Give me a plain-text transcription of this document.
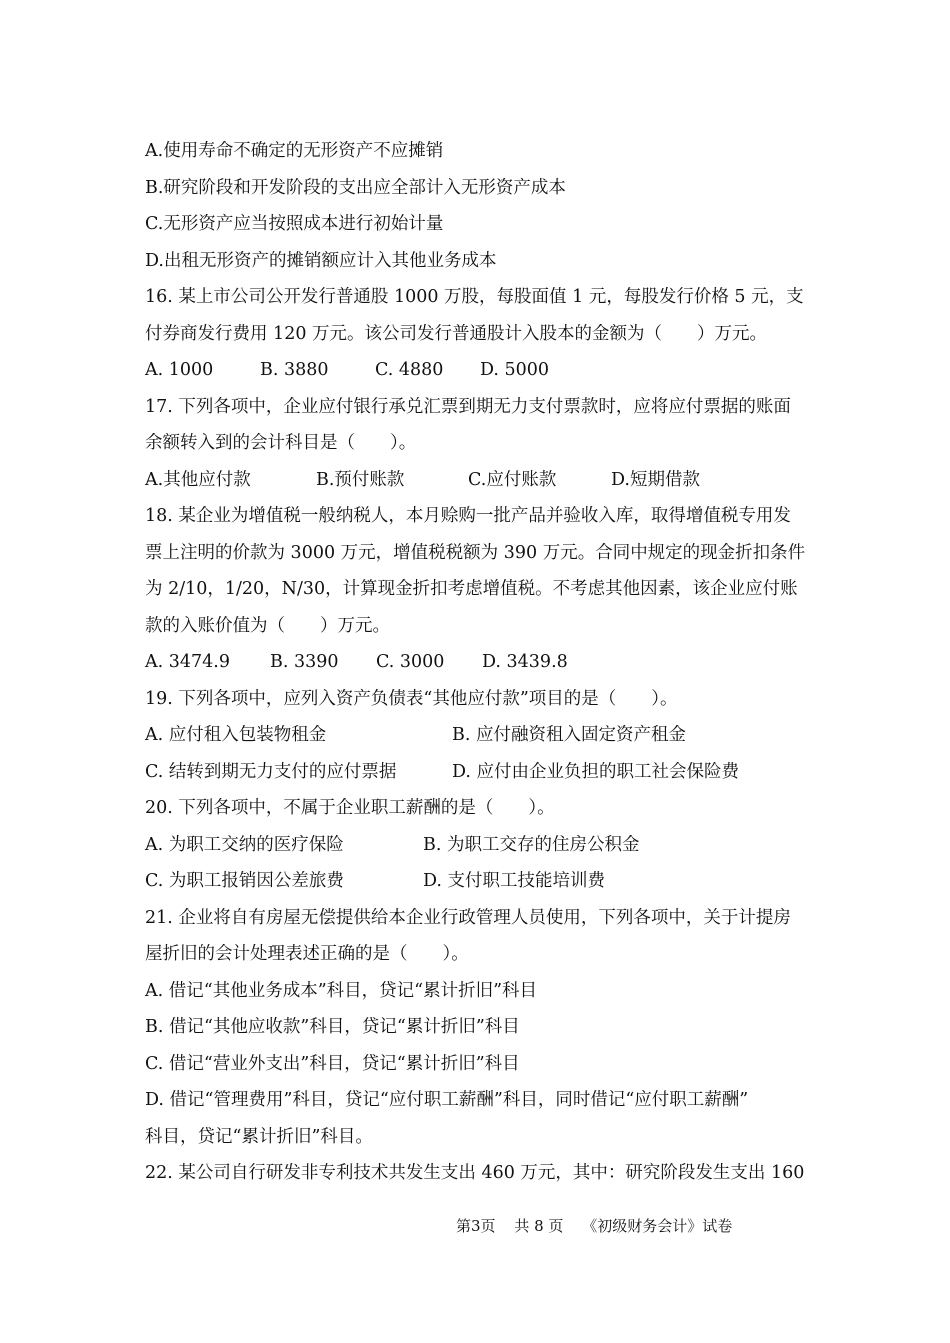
A.使用寿命不确定的无形资产不应摊销
B.研究阶段和开发阶段的支出应全部计入无形资产成本
C.无形资产应当按照成本进行初始计量
D.出租无形资产的摊销额应计入其他业务成本
16. 某上市公司公开发行普通股 1000 万股，每股面值 1 元，每股发行价格 5 元，支
付券商发行费用 120 万元。该公司发行普通股计入股本的金额为（　　）万元。
A. 1000	B. 3880	C. 4880	D. 5000
17. 下列各项中，企业应付银行承兑汇票到期无力支付票款时，应将应付票据的账面
余额转入到的会计科目是（　　）。
A.其他应付款	B.预付账款	C.应付账款	D.短期借款
18. 某企业为增值税一般纳税人，本月赊购一批产品并验收入库，取得增值税专用发
票上注明的价款为 3000 万元，增值税税额为 390 万元。合同中规定的现金折扣条件
为 2/10，1/20，N/30，计算现金折扣考虑增值税。不考虑其他因素，该企业应付账
款的入账价值为（　　）万元。
A. 3474.9	B. 3390	C. 3000	D. 3439.8
19. 下列各项中，应列入资产负债表“其他应付款”项目的是（　　）。
A. 应付租入包装物租金	B. 应付融资租入固定资产租金
C. 结转到期无力支付的应付票据	D. 应付由企业负担的职工社会保险费
20. 下列各项中，不属于企业职工薪酬的是（　　）。
A. 为职工交纳的医疗保险	B. 为职工交存的住房公积金
C. 为职工报销因公差旅费	D. 支付职工技能培训费
21. 企业将自有房屋无偿提供给本企业行政管理人员使用，下列各项中，关于计提房
屋折旧的会计处理表述正确的是（　　）。
A. 借记“其他业务成本”科目，贷记“累计折旧”科目
B. 借记“其他应收款”科目，贷记“累计折旧”科目
C. 借记“营业外支出”科目，贷记“累计折旧”科目
D. 借记“管理费用”科目，贷记“应付职工薪酬”科目，同时借记“应付职工薪酬”
科目，贷记“累计折旧”科目。
22. 某公司自行研发非专利技术共发生支出 460 万元，其中：研究阶段发生支出 160
第3页 共 8 页 《初级财务会计》试卷
